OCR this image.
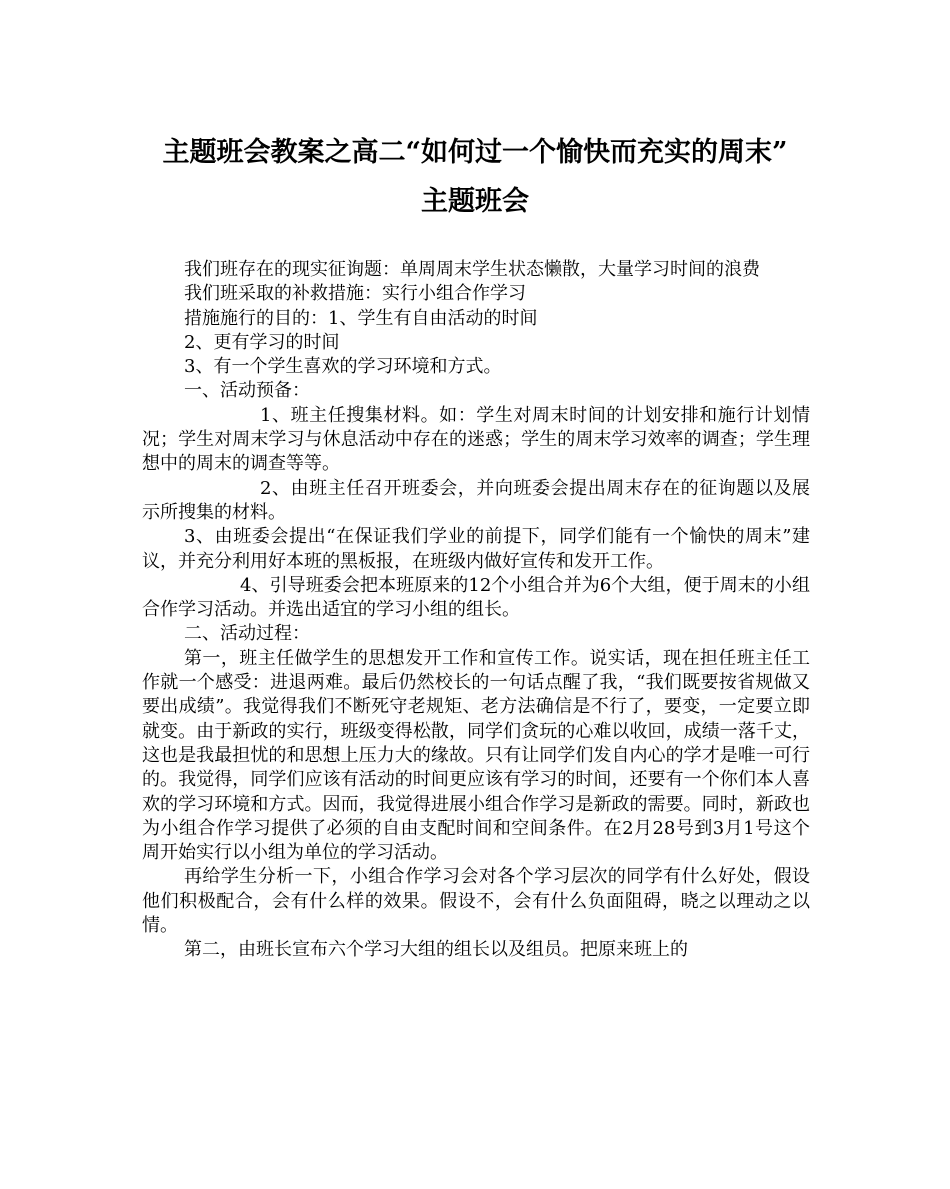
主题班会教案之高二“如何过一个愉快而充实的周末”
主题班会

我们班存在的现实征询题：单周周末学生状态懒散，大量学习时间的浪费

我们班采取的补救措施：实行小组合作学习

措施施行的目的：1、学生有自由活动的时间

2、更有学习的时间

3、有一个学生喜欢的学习环境和方式。

一、活动预备：

1、班主任搜集材料。如：学生对周末时间的计划安排和施行计划情况；学生对周末学习与休息活动中存在的迷惑；学生的周末学习效率的调查；学生理想中的周末的调查等等。

2、由班主任召开班委会，并向班委会提出周末存在的征询题以及展示所搜集的材料。

3、由班委会提出“在保证我们学业的前提下，同学们能有一个愉快的周末”建议，并充分利用好本班的黑板报，在班级内做好宣传和发开工作。

4、引导班委会把本班原来的12个小组合并为6个大组，便于周末的小组合作学习活动。并选出适宜的学习小组的组长。

二、活动过程：

第一，班主任做学生的思想发开工作和宣传工作。说实话，现在担任班主任工作就一个感受：进退两难。最后仍然校长的一句话点醒了我，“我们既要按省规做又要出成绩”。我觉得我们不断死守老规矩、老方法确信是不行了，要变，一定要立即就变。由于新政的实行，班级变得松散，同学们贪玩的心难以收回，成绩一落千丈，这也是我最担忧的和思想上压力大的缘故。只有让同学们发自内心的学才是唯一可行的。我觉得，同学们应该有活动的时间更应该有学习的时间，还要有一个你们本人喜欢的学习环境和方式。因而，我觉得进展小组合作学习是新政的需要。同时，新政也为小组合作学习提供了必须的自由支配时间和空间条件。在2月28号到3月1号这个周开始实行以小组为单位的学习活动。

再给学生分析一下，小组合作学习会对各个学习层次的同学有什么好处，假设他们积极配合，会有什么样的效果。假设不，会有什么负面阻碍，晓之以理动之以情。

第二，由班长宣布六个学习大组的组长以及组员。把原来班上的
